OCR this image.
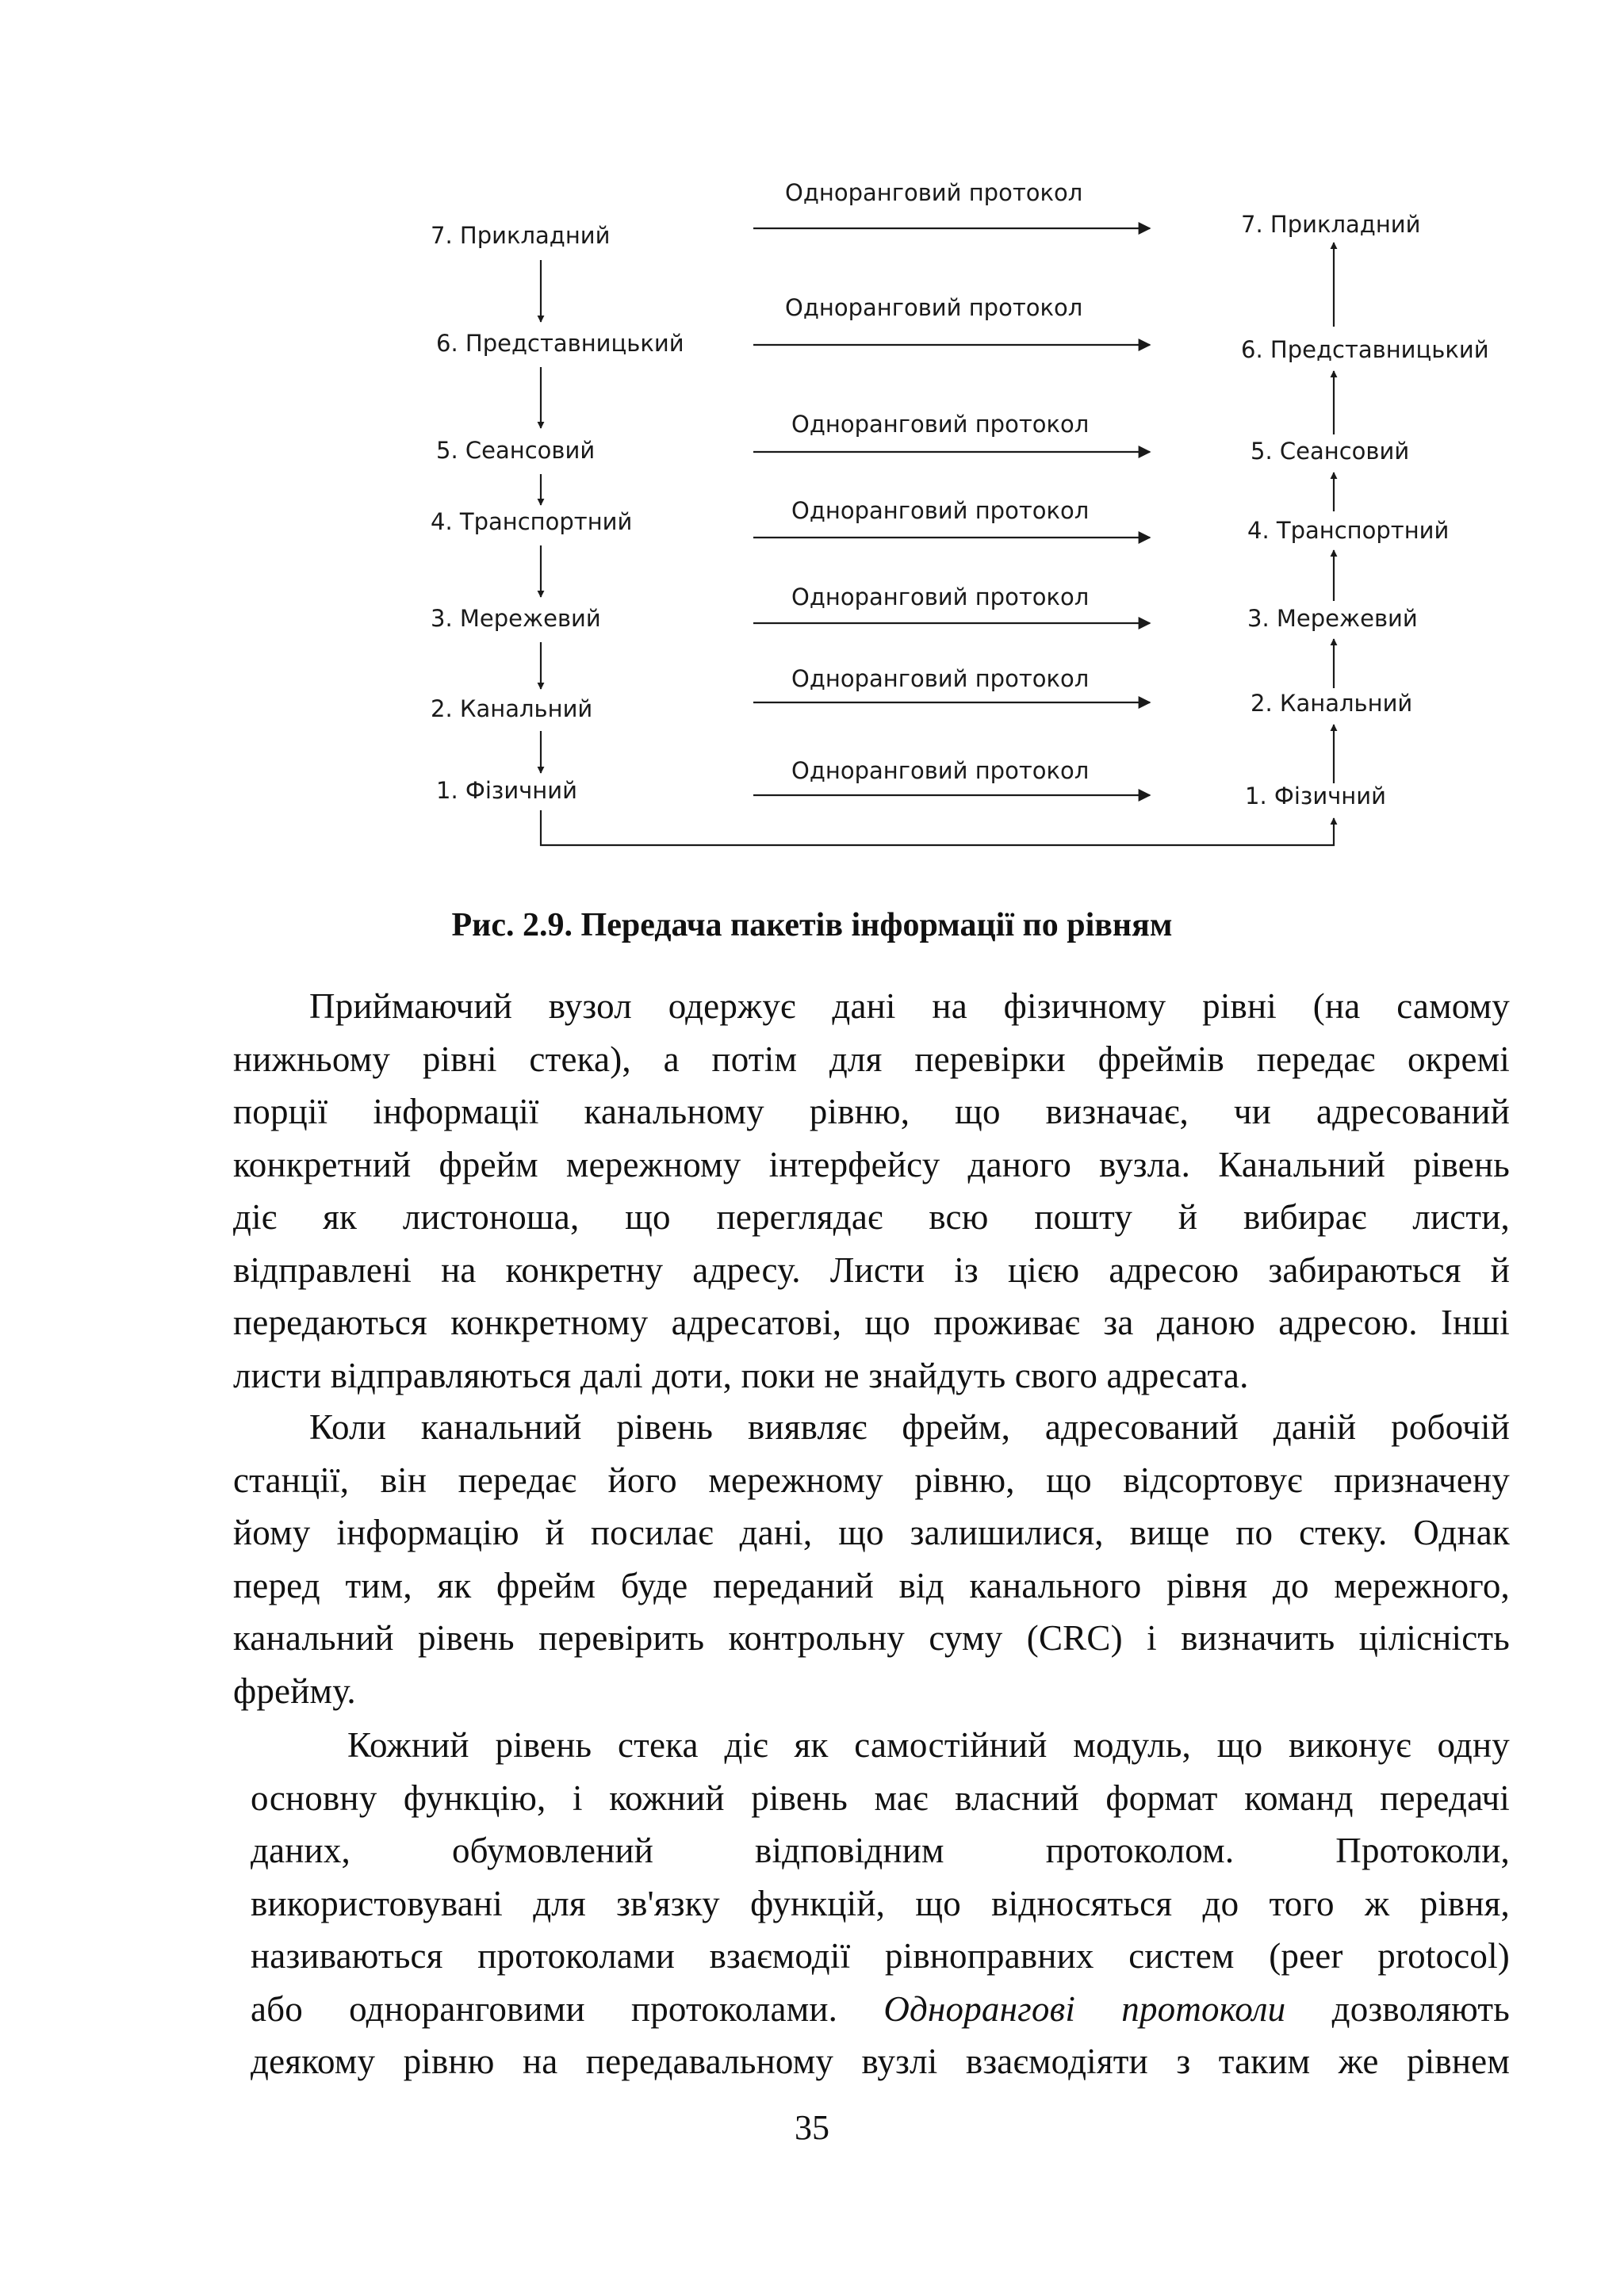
7. Прикладний
6. Представницький
5. Сеансовий
4. Транспортний
3. Мережевий
2. Канальний
1. Фізичний
7. Прикладний
6. Представницький
5. Сеансовий
4. Транспортний
3. Мережевий
2. Канальний
1. Фізичний
Одноранговий протокол
Одноранговий протокол
Одноранговий протокол
Одноранговий протокол
Одноранговий протокол
Одноранговий протокол
Одноранговий протокол
Рис. 2.9. Передача пакетів інформації по рівням
Приймаючий вузол одержує дані на фізичному рівні (на самому
нижньому рівні стека), а потім для перевірки фреймів передає окремі
порції інформації канальному рівню, що визначає, чи адресований
конкретний фрейм мережному інтерфейсу даного вузла. Канальний рівень
діє як листоноша, що переглядає всю пошту й вибирає листи,
відправлені на конкретну адресу. Листи із цією адресою забираються й
передаються конкретному адресатові, що проживає за даною адресою. Інші
листи відправляються далі доти, поки не знайдуть свого адресата.
Коли канальний рівень виявляє фрейм, адресований даній робочій
станції, він передає його мережному рівню, що відсортовує призначену
йому інформацію й посилає дані, що залишилися, вище по стеку. Однак
перед тим, як фрейм буде переданий від канального рівня до мережного,
канальний рівень перевірить контрольну суму (CRC) і визначить цілісність
фрейму.
Кожний рівень стека діє як самостійний модуль, що виконує одну
основну функцію, і кожний рівень має власний формат команд передачі
даних, обумовлений відповідним протоколом. Протоколи,
використовувані для зв'язку функцій, що відносяться до того ж рівня,
називаються протоколами взаємодії рівноправних систем (peer protocol)
або однoранговими протоколами. Однорангові протоколи дозволяють
деякому рівню на передавальному вузлі взаємодіяти з таким же рівнем
35
